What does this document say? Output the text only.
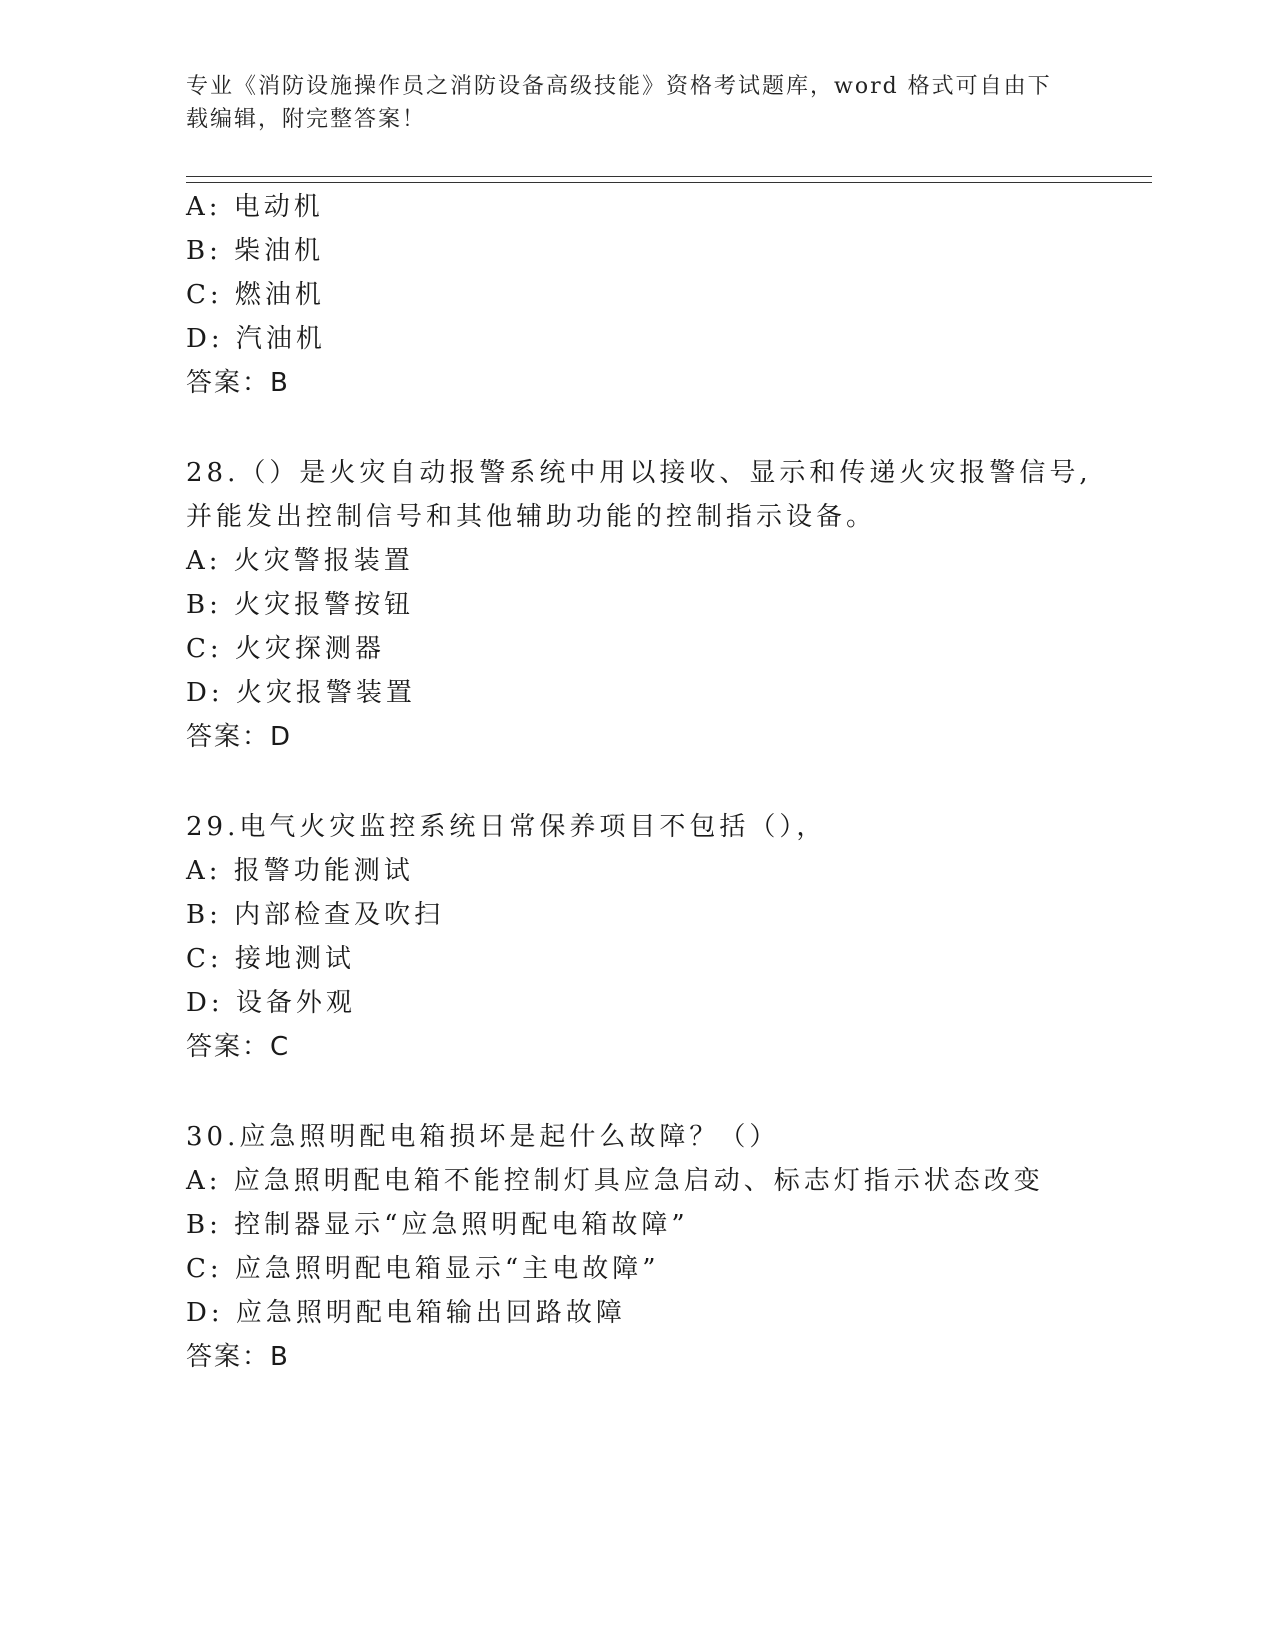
专业《消防设施操作员之消防设备高级技能》资格考试题库，word 格式可自由下载编辑，附完整答案！
A: 电动机
B: 柴油机
C: 燃油机
D: 汽油机
答案：B
28.（）是火灾自动报警系统中用以接收、显示和传递火灾报警信号,
并能发出控制信号和其他辅助功能的控制指示设备。
A: 火灾警报装置
B: 火灾报警按钮
C: 火灾探测器
D: 火灾报警装置
答案：D
29.电气火灾监控系统日常保养项目不包括（），
A: 报警功能测试
B: 内部检查及吹扫
C: 接地测试
D: 设备外观
答案：C
30.应急照明配电箱损坏是起什么故障？（）
A: 应急照明配电箱不能控制灯具应急启动、标志灯指示状态改变
B: 控制器显示“应急照明配电箱故障”
C: 应急照明配电箱显示“主电故障”
D: 应急照明配电箱输出回路故障
答案：B
